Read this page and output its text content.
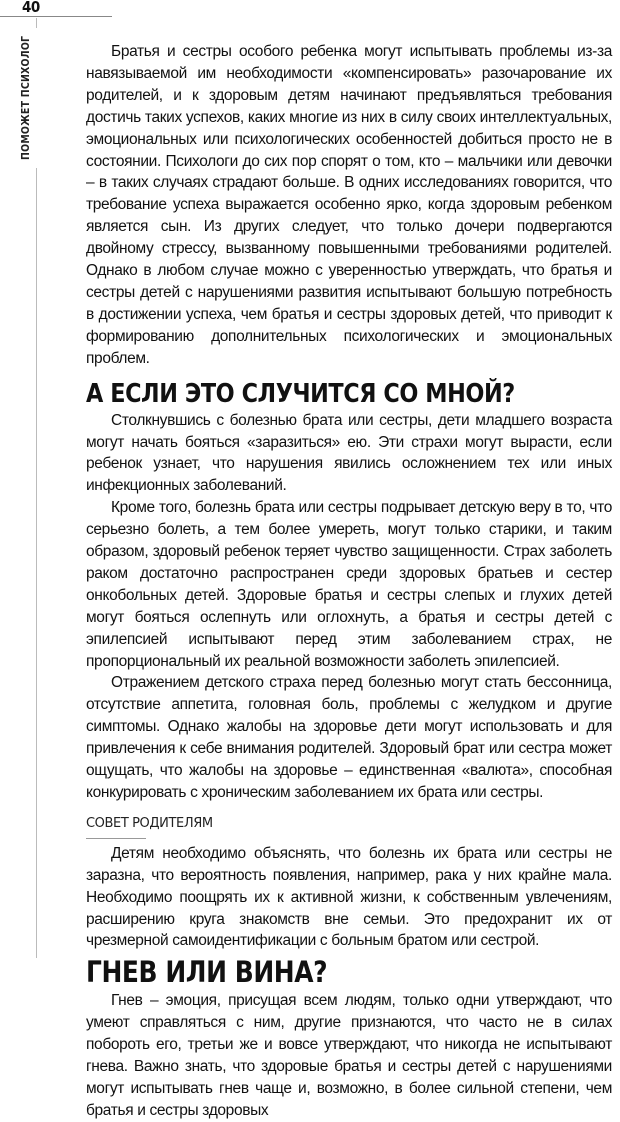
40
ПОМОЖЕТ ПСИХОЛОГ	Братья и сестры особого ребенка могут испытывать проблемы из-за навязываемой им необходимости «компенсировать» разочарование их родителей, и к здоровым детям начинают предъявляться требования достичь таких успехов, каких многие из них в силу своих интеллектуальных, эмоциональных или психологических особенностей добиться просто не в состоянии. Психологи до сих пор спорят о том, кто – мальчики или девочки – в таких случаях страдают больше. В одних исследованиях говорится, что требование успеха выражается особенно ярко, когда здоровым ребенком является сын. Из других следует, что только дочери подвергаются двойному стрессу, вызванному повышенными требованиями родителей. Однако в любом случае можно с уверенностью утверждать, что братья и сестры детей с нарушениями развития испытывают большую потребность в достижении успеха, чем братья и сестры здоровых детей, что приводит к формированию дополнительных психологических и эмоциональных проблем.

А ЕСЛИ ЭТО СЛУЧИТСЯ СО МНОЙ?

Столкнувшись с болезнью брата или сестры, дети младшего возраста могут начать бояться «заразиться» ею. Эти страхи могут вырасти, если ребенок узнает, что нарушения явились осложнением тех или иных инфекционных заболеваний.

Кроме того, болезнь брата или сестры подрывает детскую веру в то, что серьезно болеть, а тем более умереть, могут только старики, и таким образом, здоровый ребенок теряет чувство защищенности. Страх заболеть раком достаточно распространен среди здоровых братьев и сестер онкобольных детей. Здоровые братья и сестры слепых и глухих детей могут бояться ослепнуть или оглохнуть, а братья и сестры детей с эпилепсией испытывают перед этим заболеванием страх, не пропорциональный их реальной возможности заболеть эпилепсией.

Отражением детского страха перед болезнью могут стать бессонница, отсутствие аппетита, головная боль, проблемы с желудком и другие симптомы. Однако жалобы на здоровье дети могут использовать и для привлечения к себе внимания родителей. Здоровый брат или сестра может ощущать, что жалобы на здоровье – единственная «валюта», способная конкурировать с хроническим заболеванием их брата или сестры.

СОВЕТ РОДИТЕЛЯМ

Детям необходимо объяснять, что болезнь их брата или сестры не заразна, что вероятность появления, например, рака у них крайне мала. Необходимо поощрять их к активной жизни, к собственным увлечениям, расширению круга знакомств вне семьи. Это предохранит их от чрезмерной самоидентификации с больным братом или сестрой.

ГНЕВ ИЛИ ВИНА?

Гнев – эмоция, присущая всем людям, только одни утверждают, что умеют справляться с ним, другие признаются, что часто не в силах побороть его, третьи же и вовсе утверждают, что никогда не испытывают гнева. Важно знать, что здоровые братья и сестры детей с нарушениями могут испытывать гнев чаще и, возможно, в более сильной степени, чем братья и сестры здоровых
